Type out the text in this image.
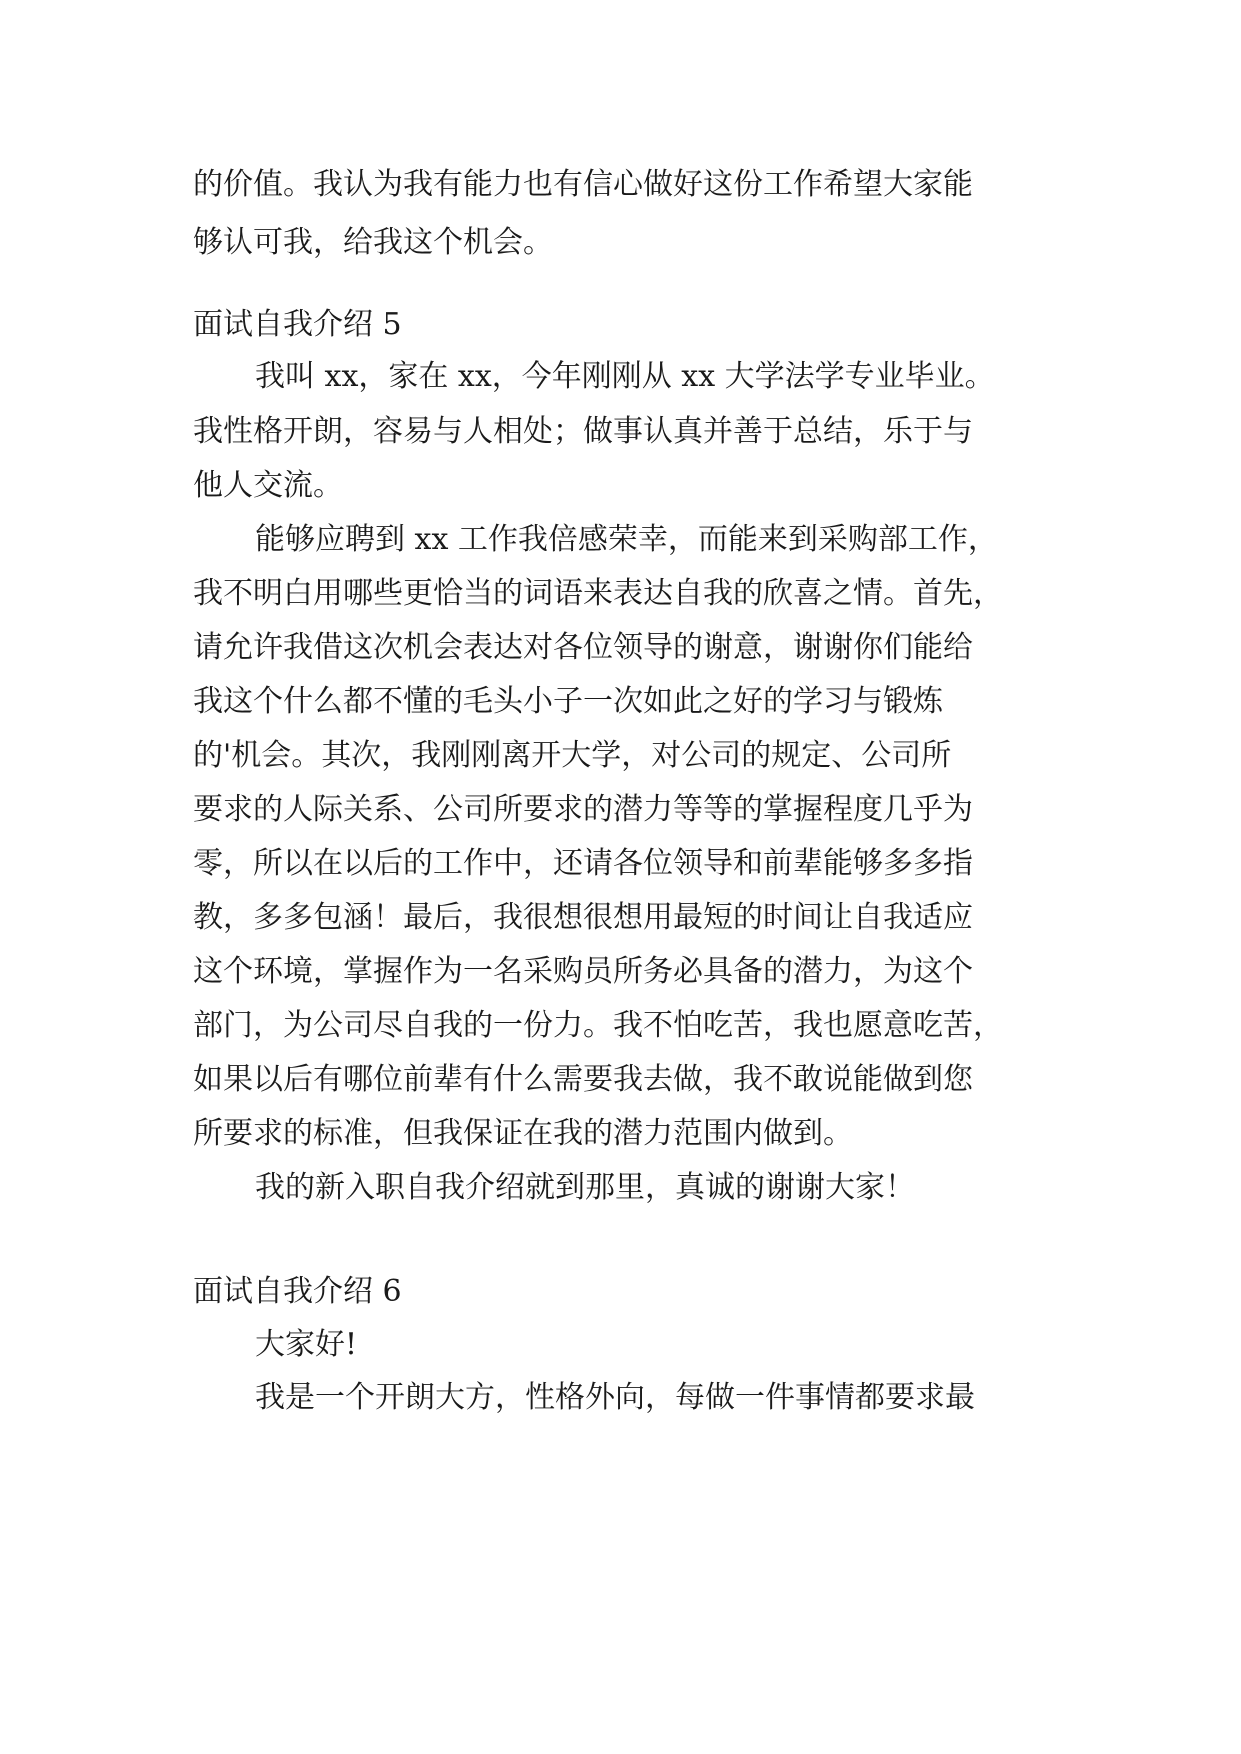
的价值。我认为我有能力也有信心做好这份工作希望大家能
够认可我，给我这个机会。
面试自我介绍 5
我叫 xx，家在 xx，今年刚刚从 xx 大学法学专业毕业。
我性格开朗，容易与人相处；做事认真并善于总结，乐于与
他人交流。
能够应聘到 xx 工作我倍感荣幸，而能来到采购部工作，
我不明白用哪些更恰当的词语来表达自我的欣喜之情。首先，
请允许我借这次机会表达对各位领导的谢意，谢谢你们能给
我这个什么都不懂的毛头小子一次如此之好的学习与锻炼
的'机会。其次，我刚刚离开大学，对公司的规定、公司所
要求的人际关系、公司所要求的潜力等等的掌握程度几乎为
零，所以在以后的工作中，还请各位领导和前辈能够多多指
教，多多包涵！最后，我很想很想用最短的时间让自我适应
这个环境，掌握作为一名采购员所务必具备的潜力，为这个
部门，为公司尽自我的一份力。我不怕吃苦，我也愿意吃苦，
如果以后有哪位前辈有什么需要我去做，我不敢说能做到您
所要求的标准，但我保证在我的潜力范围内做到。
我的新入职自我介绍就到那里，真诚的谢谢大家！
面试自我介绍 6
大家好!
我是一个开朗大方，性格外向，每做一件事情都要求最
